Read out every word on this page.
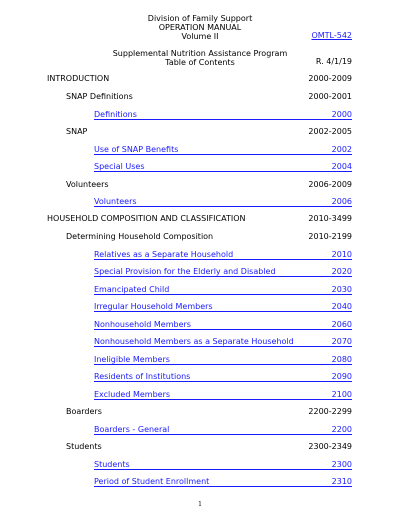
Division of Family Support
OPERATION MANUAL
Volume II	OMTL-542
Supplemental Nutrition Assistance Program
Table of Contents	R. 4/1/19
INTRODUCTION	2000-2009
SNAP Definitions	2000-2001
Definitions	2000
SNAP	2002-2005
Use of SNAP Benefits	2002
Special Uses	2004
Volunteers	2006-2009
Volunteers	2006
HOUSEHOLD COMPOSITION AND CLASSIFICATION	2010-3499
Determining Household Composition	2010-2199
Relatives as a Separate Household	2010
Special Provision for the Elderly and Disabled	2020
Emancipated Child	2030
Irregular Household Members	2040
Nonhousehold Members	2060
Nonhousehold Members as a Separate Household	2070
Ineligible Members	2080
Residents of Institutions	2090
Excluded Members	2100
Boarders	2200-2299
Boarders - General	2200
Students	2300-2349
Students	2300
Period of Student Enrollment	2310
1
